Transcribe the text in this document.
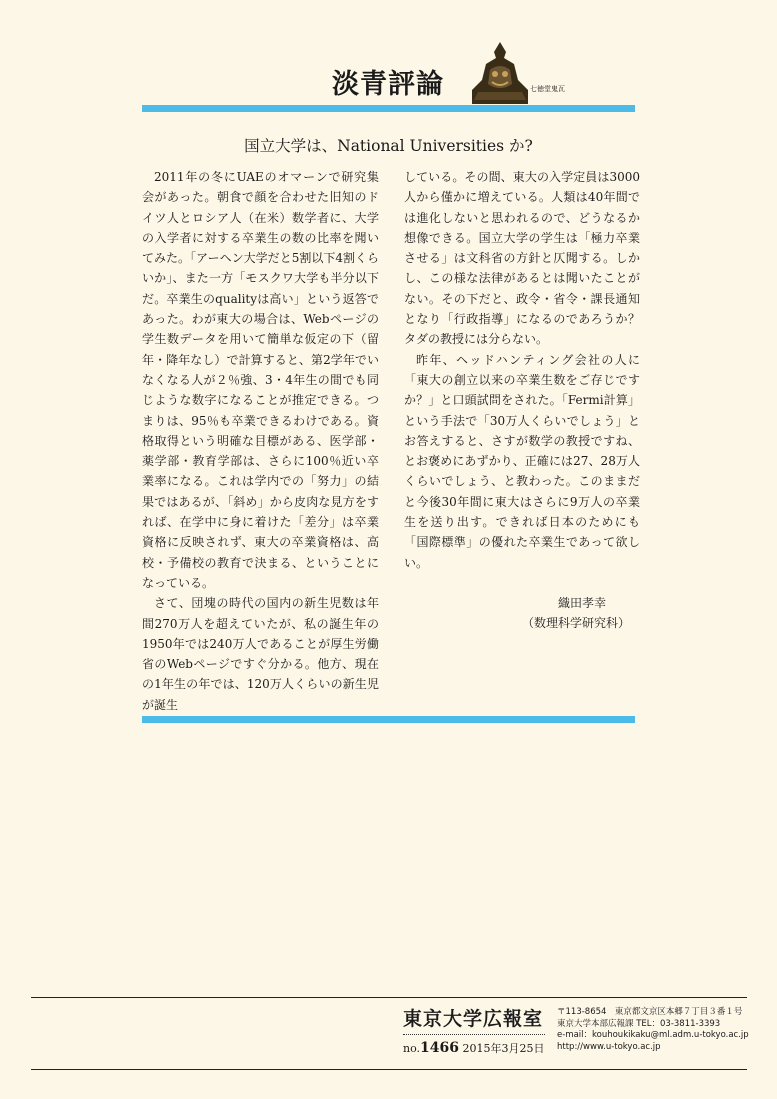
淡青評論	七徳堂鬼瓦
国立大学は、National Universities か?

2011年の冬にUAEのオマーンで研究集会があった。朝食で顔を合わせた旧知のドイツ人とロシア人（在米）数学者に、大学の入学者に対する卒業生の数の比率を聞いてみた。「アーヘン大学だと5割以下4割くらいか」、また一方「モスクワ大学も半分以下だ。卒業生のqualityは高い」という返答であった。わが東大の場合は、Webページの学生数データを用いて簡単な仮定の下（留年・降年なし）で計算すると、第2学年でいなくなる人が２％強、3・4年生の間でも同じような数字になることが推定できる。つまりは、95％も卒業できるわけである。資格取得という明確な目標がある、医学部・薬学部・教育学部は、さらに100％近い卒業率になる。これは学内での「努力」の結果ではあるが、「斜め」から皮肉な見方をすれば、在学中に身に着けた「差分」は卒業資格に反映されず、東大の卒業資格は、高校・予備校の教育で決まる、ということになっている。

さて、団塊の時代の国内の新生児数は年間270万人を超えていたが、私の誕生年の1950年では240万人であることが厚生労働省のWebページですぐ分かる。他方、現在の1年生の年では、120万人くらいの新生児が誕生

している。その間、東大の入学定員は3000人から僅かに増えている。人類は40年間では進化しないと思われるので、どうなるか想像できる。国立大学の学生は「極力卒業させる」は文科省の方針と仄聞する。しかし、この様な法律があるとは聞いたことがない。その下だと、政令・省令・課長通知となり「行政指導」になるのであろうか？　タダの教授には分らない。

昨年、ヘッドハンティング会社の人に「東大の創立以来の卒業生数をご存じですか？」と口頭試問をされた。「Fermi計算」という手法で「30万人くらいでしょう」とお答えすると、さすが数学の教授ですね、とお褒めにあずかり、正確には27、28万人くらいでしょう、と教わった。このままだと今後30年間に東大はさらに9万人の卒業生を送り出す。できれば日本のためにも「国際標準」の優れた卒業生であって欲しい。

織田孝幸
（数理科学研究科）
東京大学広報室
no.1466 2015年3月25日
〒113-8654　東京都文京区本郷７丁目３番１号
東京大学本部広報課 TEL：03-3811-3393
e-mail：kouhoukikaku@ml.adm.u-tokyo.ac.jp
http://www.u-tokyo.ac.jp
